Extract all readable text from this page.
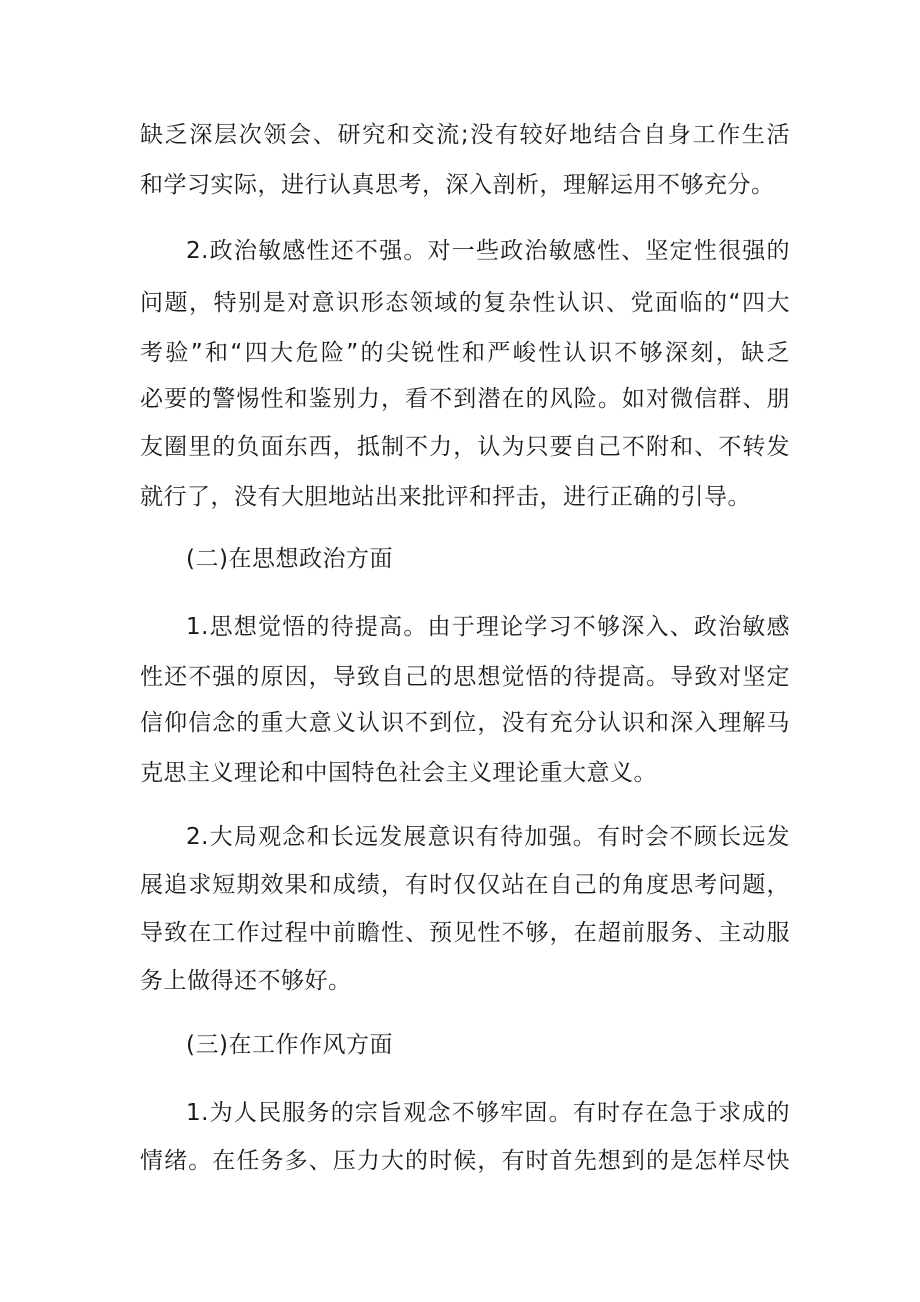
缺乏深层次领会、研究和交流;没有较好地结合自身工作生活
和学习实际，进行认真思考，深入剖析，理解运用不够充分。
2.政治敏感性还不强。对一些政治敏感性、坚定性很强的
问题，特别是对意识形态领域的复杂性认识、党面临的“四大
考验”和“四大危险”的尖锐性和严峻性认识不够深刻，缺乏
必要的警惕性和鉴别力，看不到潜在的风险。如对微信群、朋
友圈里的负面东西，抵制不力，认为只要自己不附和、不转发
就行了，没有大胆地站出来批评和抨击，进行正确的引导。
(二)在思想政治方面
1.思想觉悟的待提高。由于理论学习不够深入、政治敏感
性还不强的原因，导致自己的思想觉悟的待提高。导致对坚定
信仰信念的重大意义认识不到位，没有充分认识和深入理解马
克思主义理论和中国特色社会主义理论重大意义。
2.大局观念和长远发展意识有待加强。有时会不顾长远发
展追求短期效果和成绩，有时仅仅站在自己的角度思考问题，
导致在工作过程中前瞻性、预见性不够，在超前服务、主动服
务上做得还不够好。
(三)在工作作风方面
1.为人民服务的宗旨观念不够牢固。有时存在急于求成的
情绪。在任务多、压力大的时候，有时首先想到的是怎样尽快
